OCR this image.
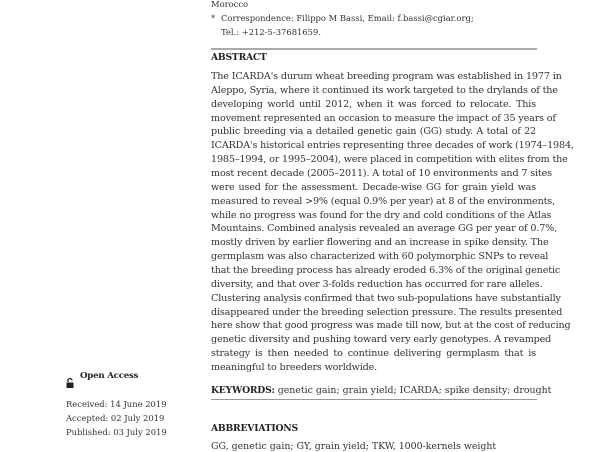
Morocco
* Correspondence: Filippo M Bassi, Email: f.bassi@cgiar.org;
Tel.: +212-5-37681659.
ABSTRACT
The ICARDA's durum wheat breeding program was established in 1977 in
Aleppo, Syria, where it continued its work targeted to the drylands of the
developing world until 2012, when it was forced to relocate. This
movement represented an occasion to measure the impact of 35 years of
public breeding via a detailed genetic gain (GG) study. A total of 22
ICARDA's historical entries representing three decades of work (1974–1984,
1985–1994, or 1995–2004), were placed in competition with elites from the
most recent decade (2005–2011). A total of 10 environments and 7 sites
were used for the assessment. Decade-wise GG for grain yield was
measured to reveal >9% (equal 0.9% per year) at 8 of the environments,
while no progress was found for the dry and cold conditions of the Atlas
Mountains. Combined analysis revealed an average GG per year of 0.7%,
mostly driven by earlier flowering and an increase in spike density. The
germplasm was also characterized with 60 polymorphic SNPs to reveal
that the breeding process has already eroded 6.3% of the original genetic
diversity, and that over 3-folds reduction has occurred for rare alleles.
Clustering analysis confirmed that two sub-populations have substantially
disappeared under the breeding selection pressure. The results presented
here show that good progress was made till now, but at the cost of reducing
genetic diversity and pushing toward very early genotypes. A revamped
strategy is then needed to continue delivering germplasm that is
meaningful to breeders worldwide.
KEYWORDS: genetic gain; grain yield; ICARDA; spike density; drought
ABBREVIATIONS
GG, genetic gain; GY, grain yield; TKW, 1000-kernels weight
Open Access
Received: 14 June 2019
Accepted: 02 July 2019
Published: 03 July 2019
